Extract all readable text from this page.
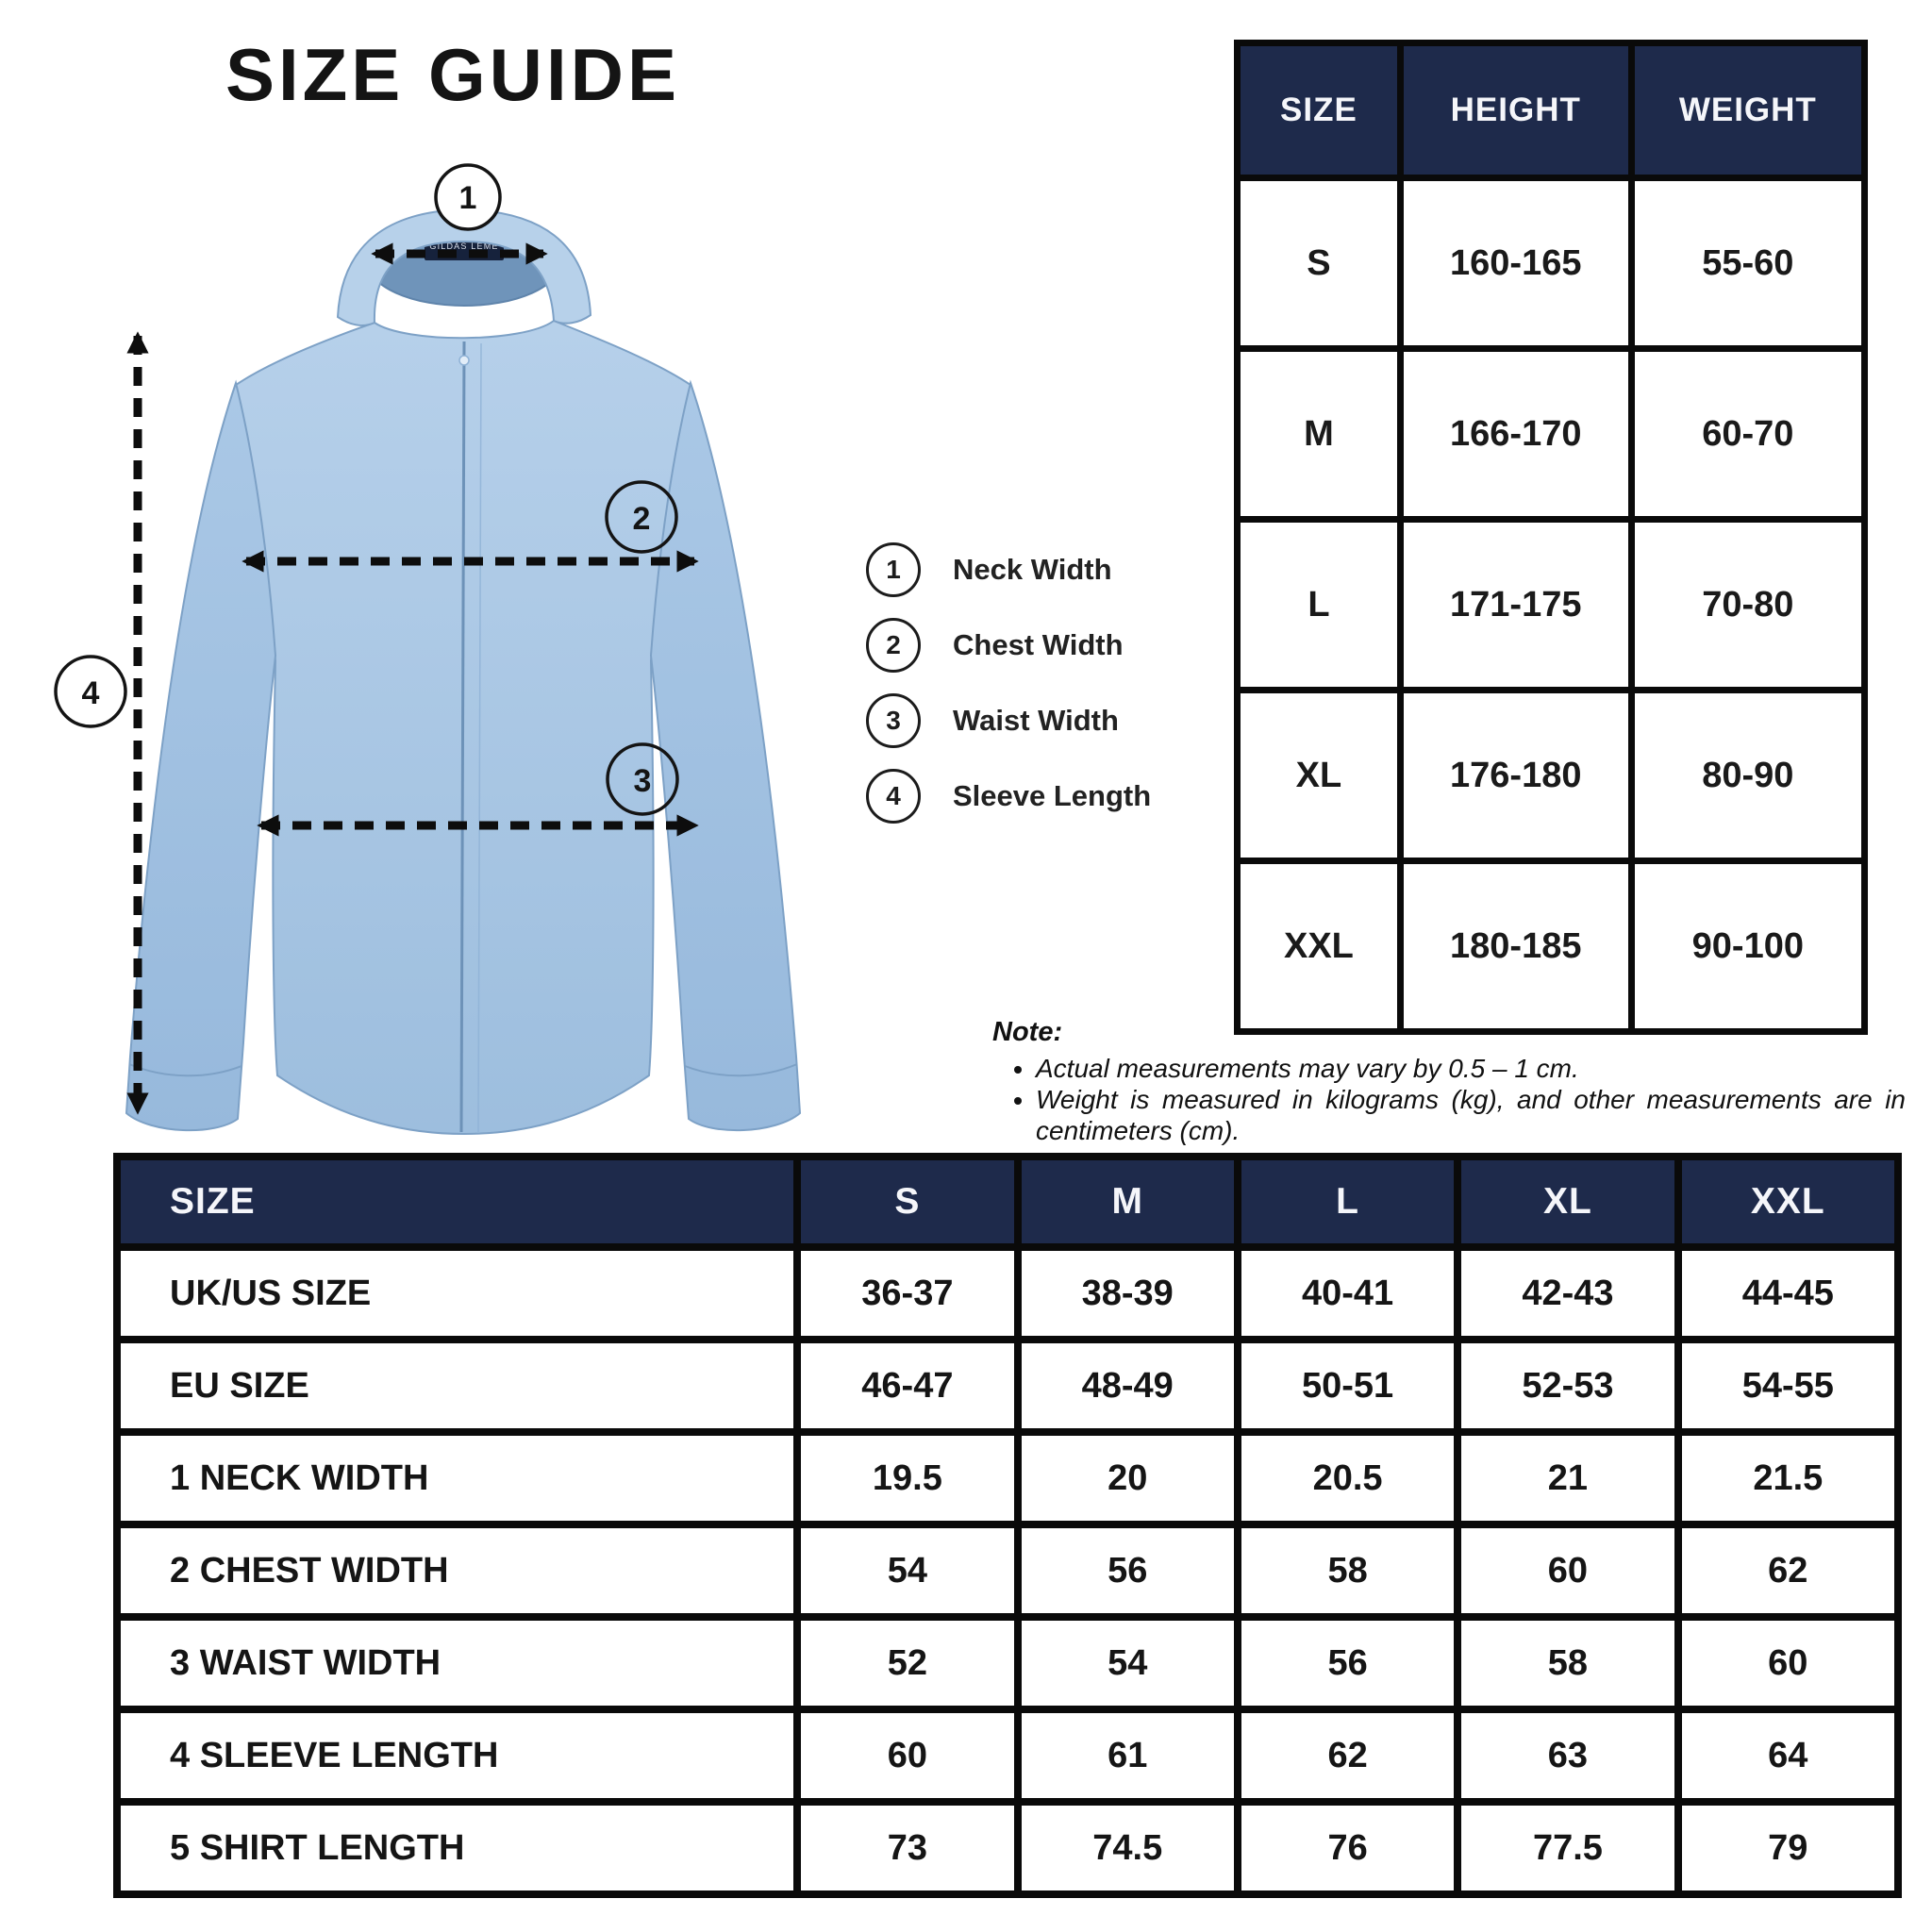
SIZE GUIDE
GILDAS LEMÉ
1
2
3
4
1	Neck Width
2	Chest Width
3	Waist Width
4	Sleeve Length
SIZE	HEIGHT	WEIGHT
S	160-165	55-60
M	166-170	60-70
L	171-175	70-80
XL	176-180	80-90
XXL	180-185	90-100
Note:
• Actual measurements may vary by 0.5 – 1 cm.
• Weight is measured in kilograms (kg), and other measurements are in centimeters (cm).
SIZE	S	M	L	XL	XXL
UK/US SIZE	36-37	38-39	40-41	42-43	44-45
EU SIZE	46-47	48-49	50-51	52-53	54-55
1 NECK WIDTH	19.5	20	20.5	21	21.5
2 CHEST WIDTH	54	56	58	60	62
3 WAIST WIDTH	52	54	56	58	60
4 SLEEVE LENGTH	60	61	62	63	64
5 SHIRT LENGTH	73	74.5	76	77.5	79
